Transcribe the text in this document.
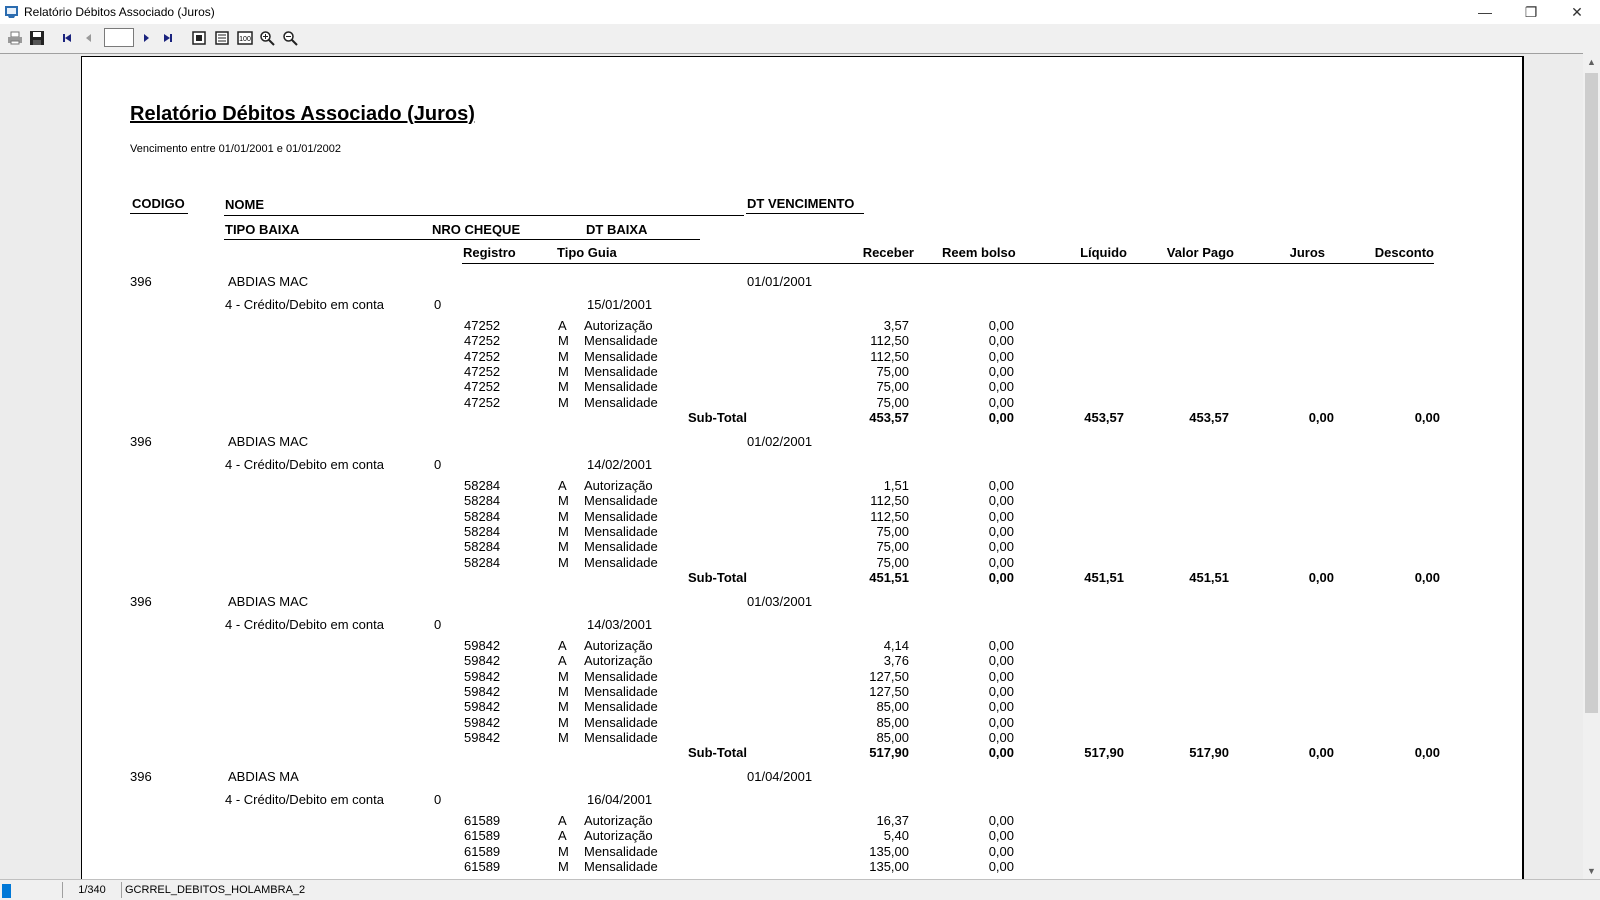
Relatório Débitos Associado (Juros)	—	❐	✕
100
Relatório Débitos Associado (Juros)
Vencimento entre 01/01/2001 e 01/01/2002
CODIGO	NOME	DT VENCIMENTO
TIPO BAIXA	NRO CHEQUE	DT BAIXA
Registro	Tipo Guia	Receber Reem bolso	Líquido	Valor Pago	Juros	Desconto
396	ABDIAS MAC	01/01/2001
4 - Crédito/Debito em conta	0	15/01/2001
47252	A Autorização	3,57	0,00
47252	M Mensalidade	112,50	0,00
47252	M Mensalidade	112,50	0,00
47252	M Mensalidade	75,00	0,00
47252	M Mensalidade	75,00	0,00
47252	M Mensalidade	75,00	0,00
Sub-Total	453,57	0,00	453,57	453,57	0,00	0,00
396	ABDIAS MAC	01/02/2001
4 - Crédito/Debito em conta	0	14/02/2001
58284	A Autorização	1,51	0,00
58284	M Mensalidade	112,50	0,00
58284	M Mensalidade	112,50	0,00
58284	M Mensalidade	75,00	0,00
58284	M Mensalidade	75,00	0,00
58284	M Mensalidade	75,00	0,00
Sub-Total	451,51	0,00	451,51	451,51	0,00	0,00
396	ABDIAS MAC	01/03/2001
4 - Crédito/Debito em conta	0	14/03/2001
59842	A Autorização	4,14	0,00
59842	A Autorização	3,76	0,00
59842	M Mensalidade	127,50	0,00
59842	M Mensalidade	127,50	0,00
59842	M Mensalidade	85,00	0,00
59842	M Mensalidade	85,00	0,00
59842	M Mensalidade	85,00	0,00
Sub-Total	517,90	0,00	517,90	517,90	0,00	0,00
396	ABDIAS MA	01/04/2001
4 - Crédito/Debito em conta	0	16/04/2001
61589	A Autorização	16,37	0,00
61589	A Autorização	5,40	0,00
61589	M Mensalidade	135,00	0,00
61589	M Mensalidade	135,00	0,00
▲
▼
1/340	GCRREL_DEBITOS_HOLAMBRA_2
